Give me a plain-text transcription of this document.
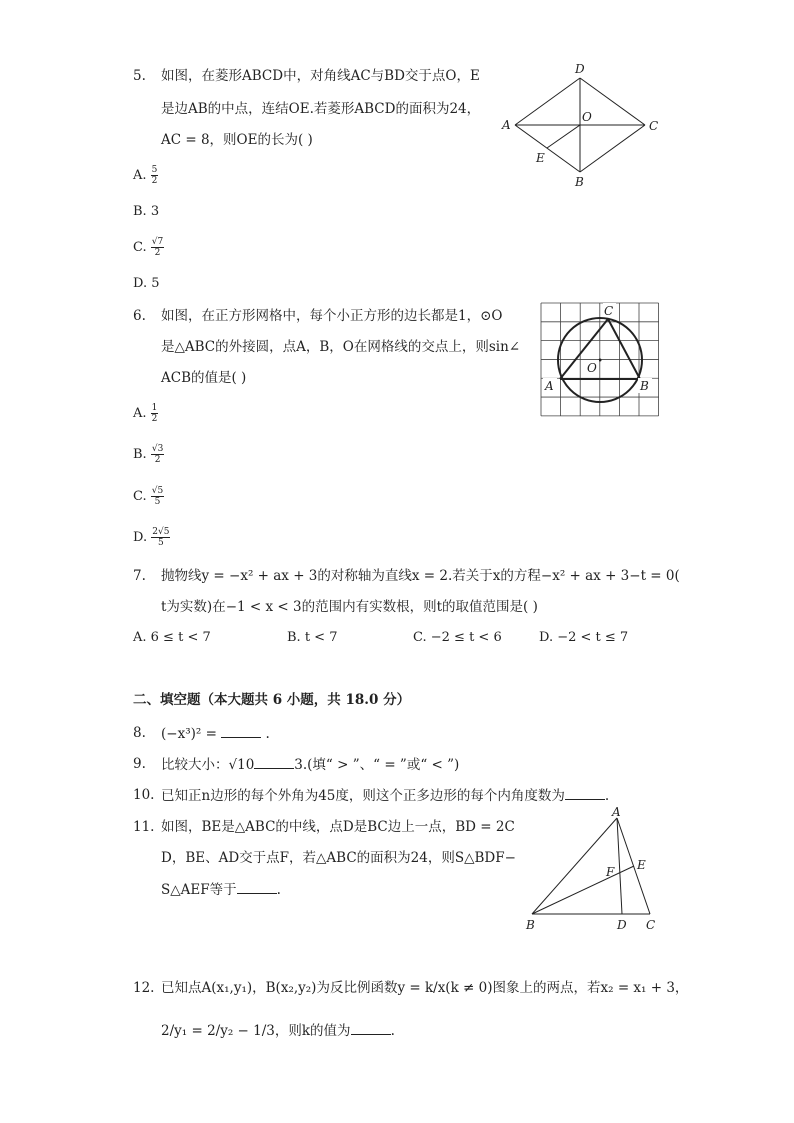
5. 如图，在菱形ABCD中，对角线AC与BD交于点O，E
是边AB的中点，连结OE.若菱形ABCD的面积为24，
AC = 8，则OE的长为( )
A. $\frac{5}{2}$
B. 3
C. $\frac{√7}{2}$
D. 5
A
D
C
B
O
E
6. 如图，在正方形网格中，每个小正方形的边长都是1，⊙O
是△ABC的外接圆，点A，B，O在网格线的交点上，则sin∠
ACB的值是( )
A. $\frac{1}{2}$
B. $\frac{√3}{2}$
C. $\frac{√5}{5}$
D. $\frac{2√5}{5}$
A	B
C
O
7. 抛物线y = −x² + ax + 3的对称轴为直线x = 2.若关于x的方程−x² + ax + 3−t = 0(
t为实数)在−1 < x < 3的范围内有实数根，则t的取值范围是( )
A. 6 ≤ t < 7	B. t < 7	C. −2 ≤ t < 6	D. −2 < t ≤ 7
二、填空题（本大题共 6 小题，共 18.0 分）
8. (−x³)² =	.
9. 比较大小：√10	3.(填“ > ”、“ = ”或“ < ”)
10. 已知正n边形的每个外角为45度，则这个正多边形的每个内角度数为	.
11. 如图，BE是△ABC的中线，点D是BC边上一点，BD = 2C
D，BE、AD交于点F，若△ABC的面积为24，则S△BDF−
S△AEF等于	.
A
B	D C
E
F
12. 已知点A(x₁,y₁)，B(x₂,y₂)为反比例函数y = k/x(k ≠ 0)图象上的两点，若x₂ = x₁ + 3，
2/y₁ = 2/y₂ − 1/3，则k的值为	.
